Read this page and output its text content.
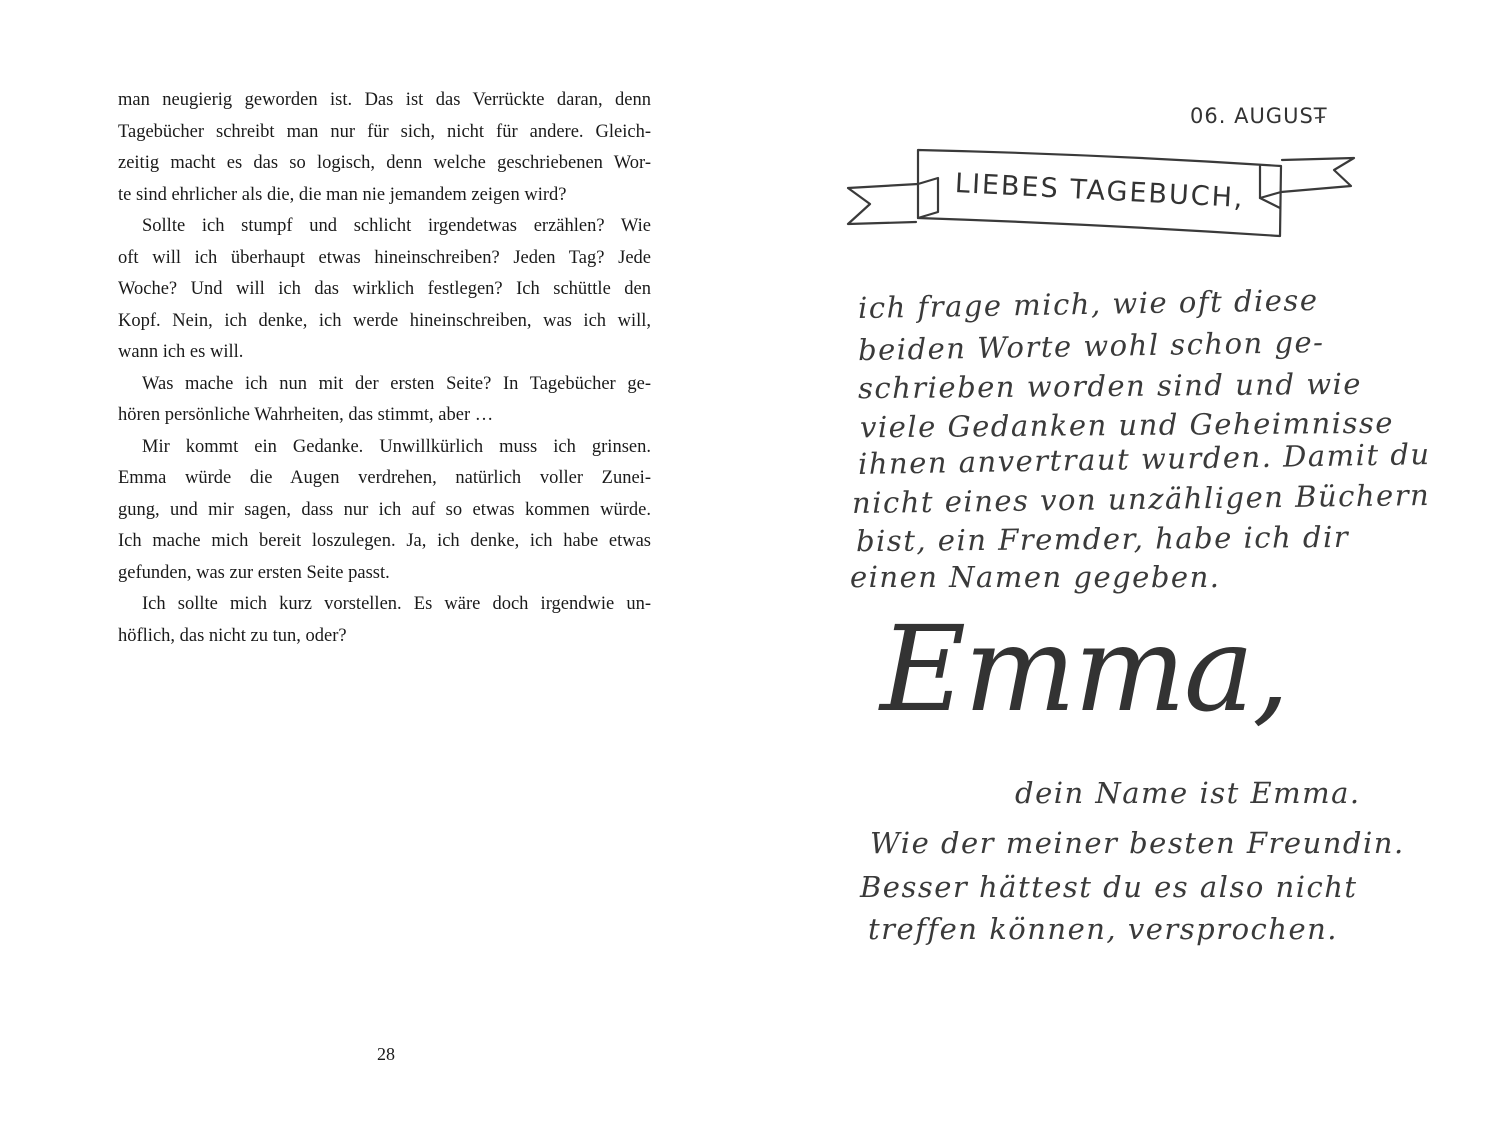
man neugierig geworden ist. Das ist das Verrückte daran, denn
Tagebücher schreibt man nur für sich, nicht für andere. Gleich-
zeitig macht es das so logisch, denn welche geschriebenen Wor-
te sind ehrlicher als die, die man nie jemandem zeigen wird?
Sollte ich stumpf und schlicht irgendetwas erzählen? Wie
oft will ich überhaupt etwas hineinschreiben? Jeden Tag? Jede
Woche? Und will ich das wirklich festlegen? Ich schüttle den
Kopf. Nein, ich denke, ich werde hineinschreiben, was ich will,
wann ich es will.
Was mache ich nun mit der ersten Seite? In Tagebücher ge-
hören persönliche Wahrheiten, das stimmt, aber …
Mir kommt ein Gedanke. Unwillkürlich muss ich grinsen.
Emma würde die Augen verdrehen, natürlich voller Zunei-
gung, und mir sagen, dass nur ich auf so etwas kommen würde.
Ich mache mich bereit loszulegen. Ja, ich denke, ich habe etwas
gefunden, was zur ersten Seite passt.
Ich sollte mich kurz vorstellen. Es wäre doch irgendwie un-
höflich, das nicht zu tun, oder?
28
06. AUGUST
LIEBES TAGEBUCH,
ich frage mich, wie oft diese
beiden Worte wohl schon ge-
schrieben worden sind und wie
viele Gedanken und Geheimnisse
ihnen anvertraut wurden. Damit du
nicht eines von unzähligen Büchern
bist, ein Fremder, habe ich dir
einen Namen gegeben.
Emma,
dein Name ist Emma.
Wie der meiner besten Freundin.
Besser hättest du es also nicht
treffen können, versprochen.
